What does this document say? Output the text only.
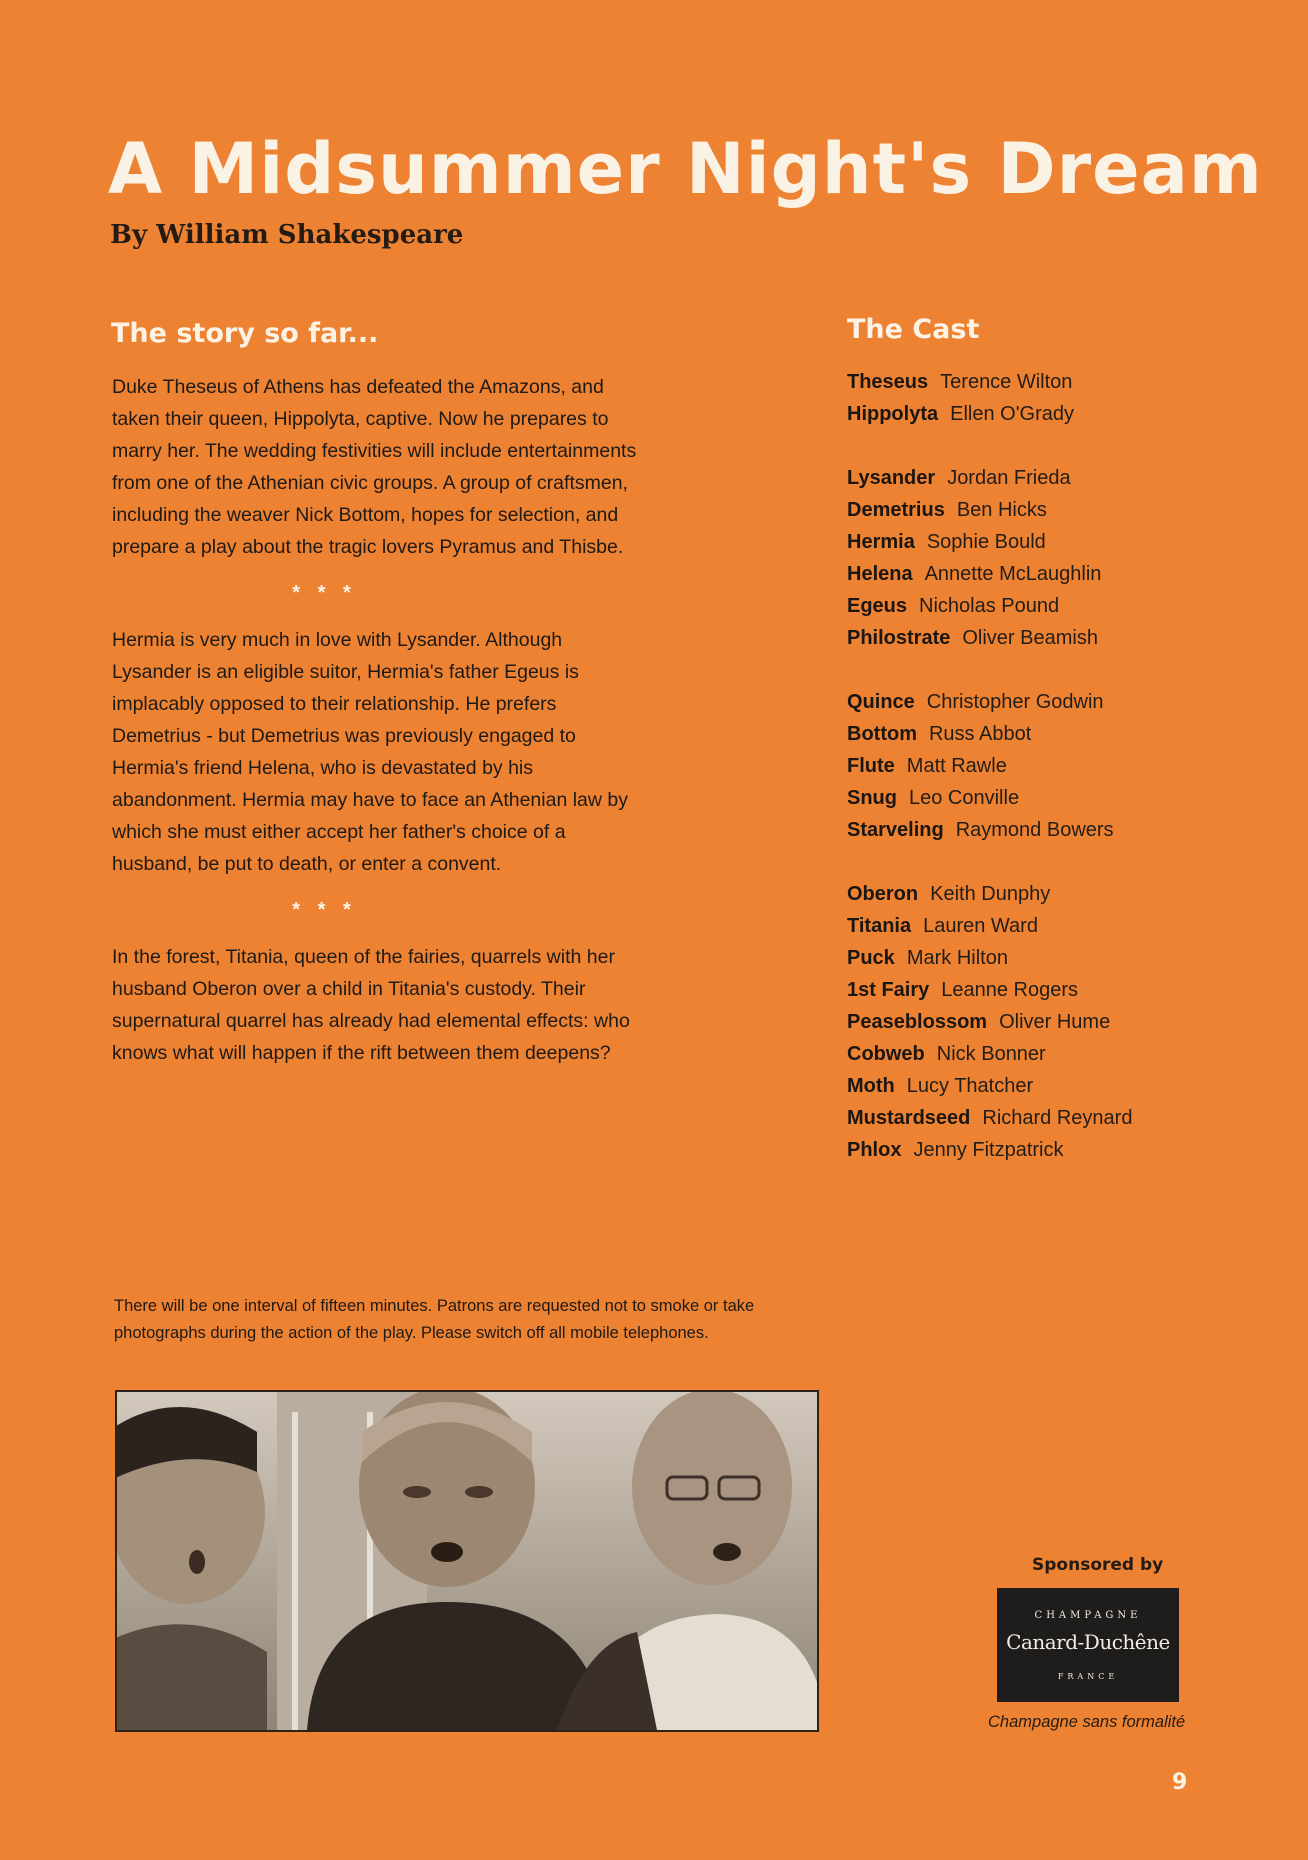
A Midsummer Night's Dream
By William Shakespeare
The story so far...

Duke Theseus of Athens has defeated the Amazons, and taken their queen, Hippolyta, captive. Now he prepares to marry her. The wedding festivities will include entertainments from one of the Athenian civic groups. A group of craftsmen, including the weaver Nick Bottom, hopes for selection, and prepare a play about the tragic lovers Pyramus and Thisbe.

* * *

Hermia is very much in love with Lysander. Although Lysander is an eligible suitor, Hermia's father Egeus is implacably opposed to their relationship. He prefers Demetrius - but Demetrius was previously engaged to Hermia's friend Helena, who is devastated by his abandonment. Hermia may have to face an Athenian law by which she must either accept her father's choice of a husband, be put to death, or enter a convent.

* * *

In the forest, Titania, queen of the fairies, quarrels with her husband Oberon over a child in Titania's custody. Their supernatural quarrel has already had elemental effects: who knows what will happen if the rift between them deepens?

The Cast
Theseus Terence Wilton
Hippolyta Ellen O'Grady
Lysander Jordan Frieda
Demetrius Ben Hicks
Hermia Sophie Bould
Helena Annette McLaughlin
Egeus Nicholas Pound
Philostrate Oliver Beamish
Quince Christopher Godwin
Bottom Russ Abbot
Flute Matt Rawle
Snug Leo Conville
Starveling Raymond Bowers
Oberon Keith Dunphy
Titania Lauren Ward
Puck Mark Hilton
1st Fairy Leanne Rogers
Peaseblossom Oliver Hume
Cobweb Nick Bonner
Moth Lucy Thatcher
Mustardseed Richard Reynard
Phlox Jenny Fitzpatrick

There will be one interval of fifteen minutes. Patrons are requested not to smoke or take photographs during the action of the play. Please switch off all mobile telephones.

Sponsored by
CHAMPAGNE
Canard-Duchêne
FRANCE
Champagne sans formalité
9
